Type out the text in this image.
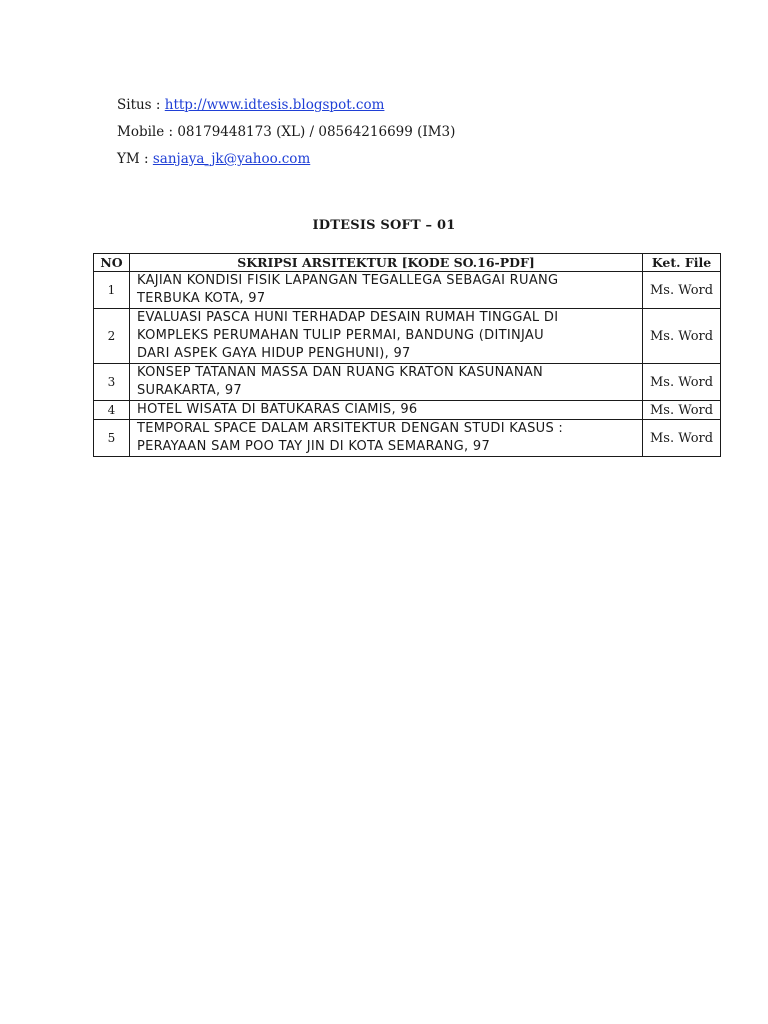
Situs : http://www.idtesis.blogspot.com
Mobile : 08179448173 (XL) / 08564216699 (IM3)
YM : sanjaya_jk@yahoo.com
IDTESIS SOFT – 01
NO	SKRIPSI ARSITEKTUR [KODE SO.16-PDF]	Ket. File
1	KAJIAN KONDISI FISIK LAPANGAN TEGALLEGA SEBAGAI RUANG
TERBUKA KOTA, 97	Ms. Word
2	EVALUASI PASCA HUNI TERHADAP DESAIN RUMAH TINGGAL DI
KOMPLEKS PERUMAHAN TULIP PERMAI, BANDUNG (DITINJAU
DARI ASPEK GAYA HIDUP PENGHUNI), 97	Ms. Word
3	KONSEP TATANAN MASSA DAN RUANG KRATON KASUNANAN
SURAKARTA, 97	Ms. Word
4	HOTEL WISATA DI BATUKARAS CIAMIS, 96	Ms. Word
5	TEMPORAL SPACE DALAM ARSITEKTUR DENGAN STUDI KASUS :
PERAYAAN SAM POO TAY JIN DI KOTA SEMARANG, 97	Ms. Word
